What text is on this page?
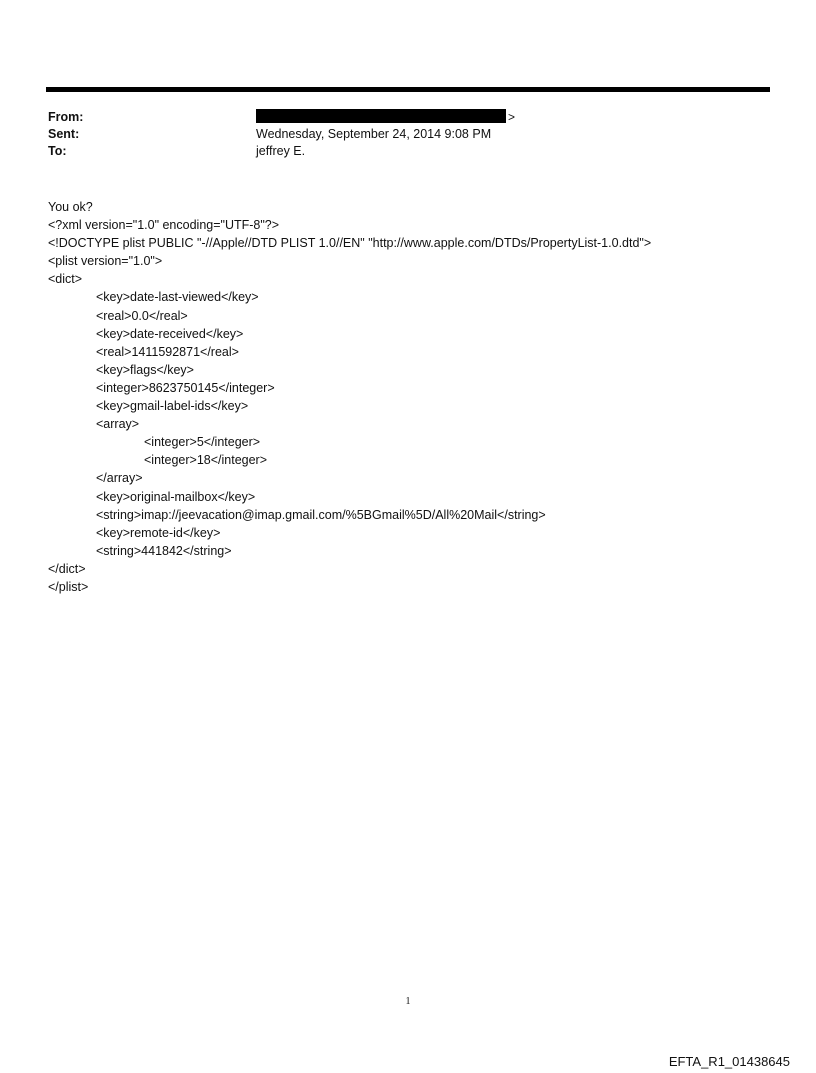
From:	>
Sent:	Wednesday, September 24, 2014 9:08 PM
To:	jeffrey E.
You ok?
<?xml version="1.0" encoding="UTF-8"?>
<!DOCTYPE plist PUBLIC "-//Apple//DTD PLIST 1.0//EN" "http://www.apple.com/DTDs/PropertyList-1.0.dtd">
<plist version="1.0">
<dict>
<key>date-last-viewed</key>
<real>0.0</real>
<key>date-received</key>
<real>1411592871</real>
<key>flags</key>
<integer>8623750145</integer>
<key>gmail-label-ids</key>
<array>
<integer>5</integer>
<integer>18</integer>
</array>
<key>original-mailbox</key>
<string>imap://jeevacation@imap.gmail.com/%5BGmail%5D/All%20Mail</string>
<key>remote-id</key>
<string>441842</string>
</dict>
</plist>
1
EFTA_R1_01438645
